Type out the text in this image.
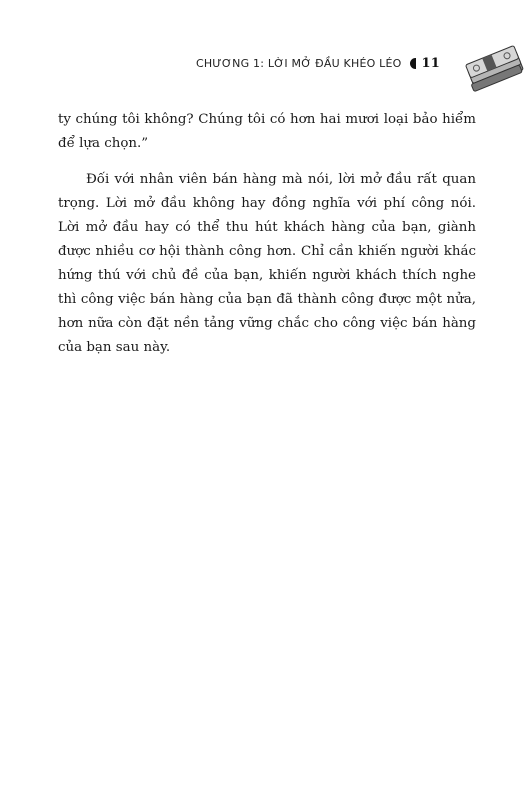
CHƯƠNG 1: LỜI MỞ ĐẦU KHÉO LÉO 11

ty chúng tôi không? Chúng tôi có hơn hai mươi loại bảo hiểm để lựa chọn.”

Đối với nhân viên bán hàng mà nói, lời mở đầu rất quan trọng. Lời mở đầu không hay đồng nghĩa với phí công nói. Lời mở đầu hay có thể thu hút khách hàng của bạn, giành được nhiều cơ hội thành công hơn. Chỉ cần khiến người khác hứng thú với chủ đề của bạn, khiến người khách thích nghe thì công việc bán hàng của bạn đã thành công được một nửa, hơn nữa còn đặt nền tảng vững chắc cho công việc bán hàng của bạn sau này.
